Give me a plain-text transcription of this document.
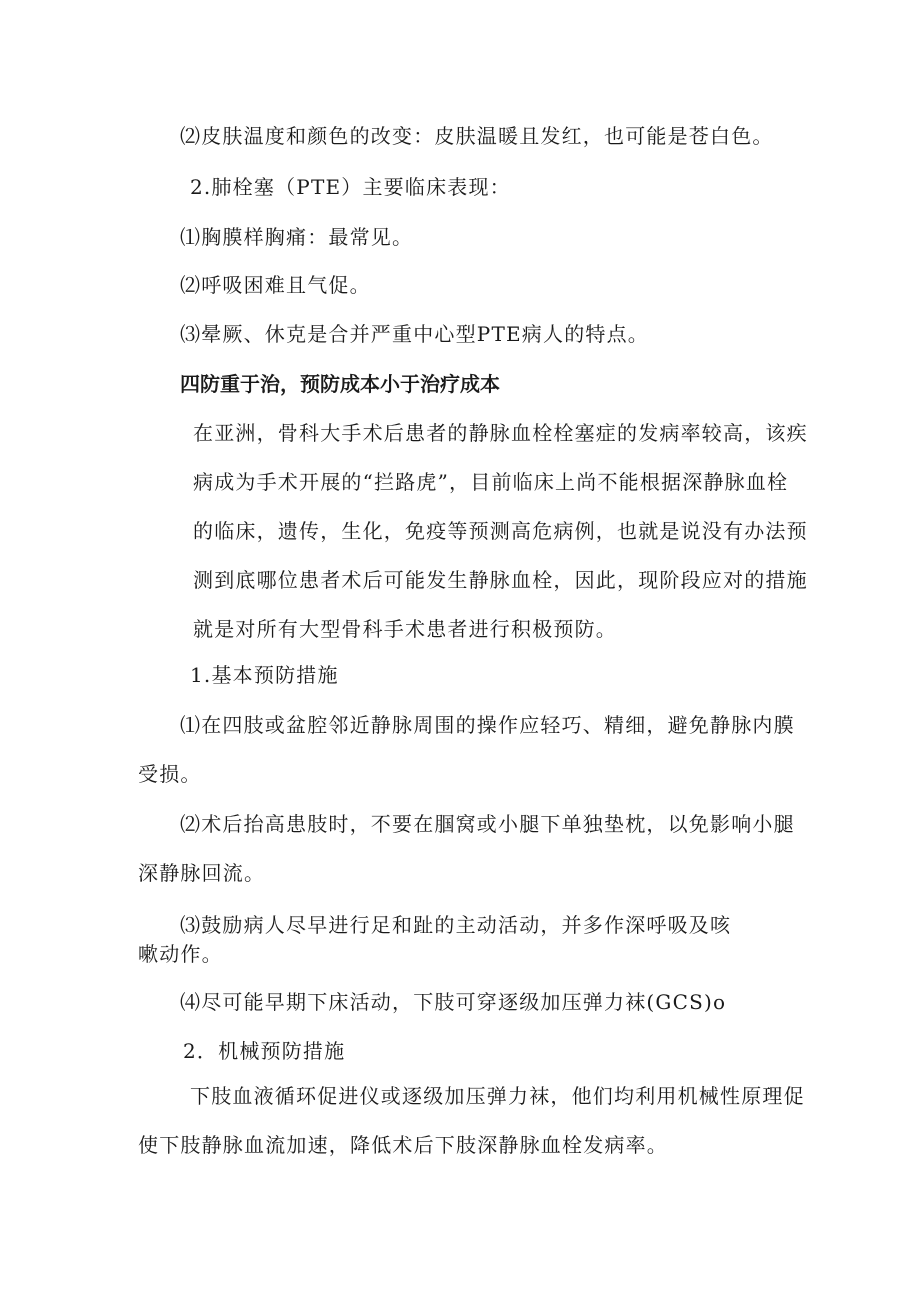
⑵皮肤温度和颜色的改变：皮肤温暖且发红，也可能是苍白色。
2.肺栓塞（PTE）主要临床表现：
⑴胸膜样胸痛：最常见。
⑵呼吸困难且气促。
⑶晕厥、休克是合并严重中心型PTE病人的特点。
四防重于治，预防成本小于治疗成本
在亚洲，骨科大手术后患者的静脉血栓栓塞症的发病率较高，该疾
病成为手术开展的“拦路虎”，目前临床上尚不能根据深静脉血栓
的临床，遗传，生化，免疫等预测高危病例，也就是说没有办法预
测到底哪位患者术后可能发生静脉血栓，因此，现阶段应对的措施
就是对所有大型骨科手术患者进行积极预防。
1.基本预防措施
⑴在四肢或盆腔邻近静脉周围的操作应轻巧、精细，避免静脉内膜
受损。
⑵术后抬高患肢时，不要在腘窝或小腿下单独垫枕，以免影响小腿
深静脉回流。
⑶鼓励病人尽早进行足和趾的主动活动，并多作深呼吸及咳
嗽动作。
⑷尽可能早期下床活动，下肢可穿逐级加压弹力袜(GCS)o
2．机械预防措施
下肢血液循环促进仪或逐级加压弹力袜，他们均利用机械性原理促
使下肢静脉血流加速，降低术后下肢深静脉血栓发病率。
